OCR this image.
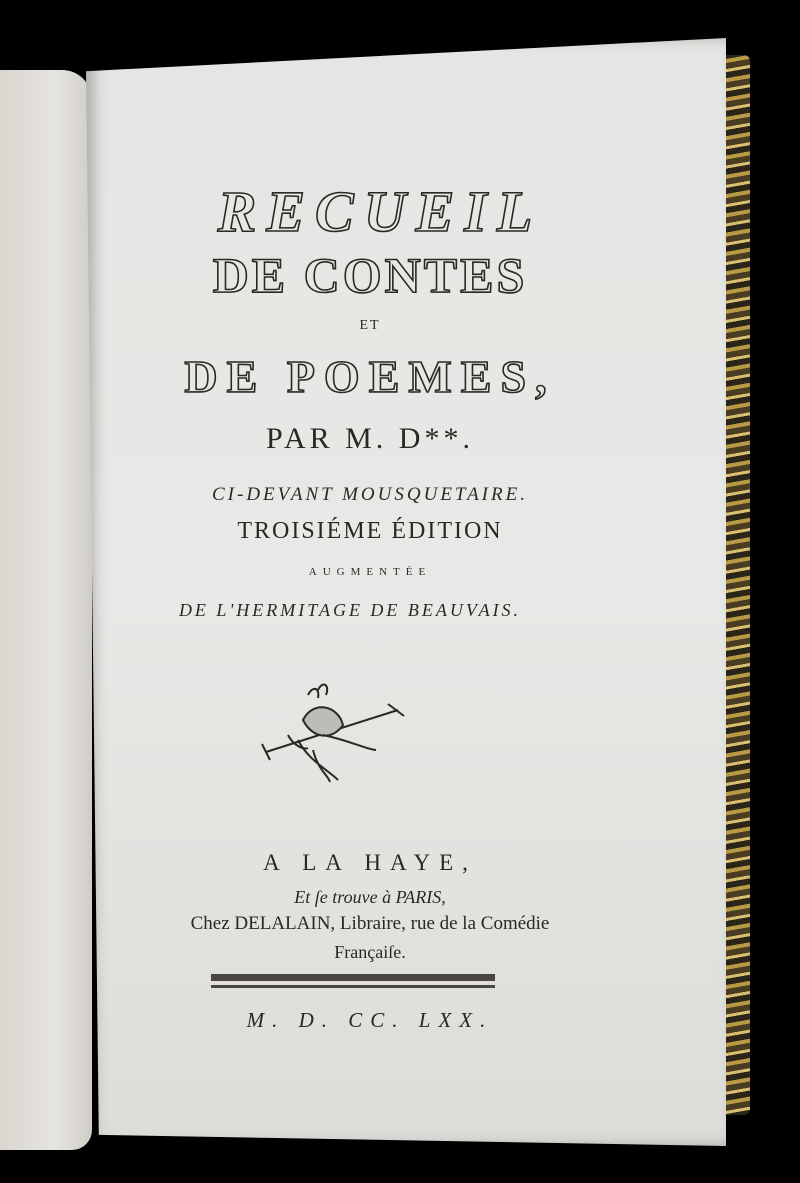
RECUEIL
DE CONTES
ET
DE POEMES,
PAR M. D**.
CI-DEVANT MOUSQUETAIRE.
TROISIÉME ÉDITION
AUGMENTÉE
DE L'HERMITAGE DE BEAUVAIS.
A LA HAYE,
Et ſe trouve à PARIS,
Chez DELALAIN, Libraire, rue de la Comédie
Françaiſe.
M. D. CC. LXX.
